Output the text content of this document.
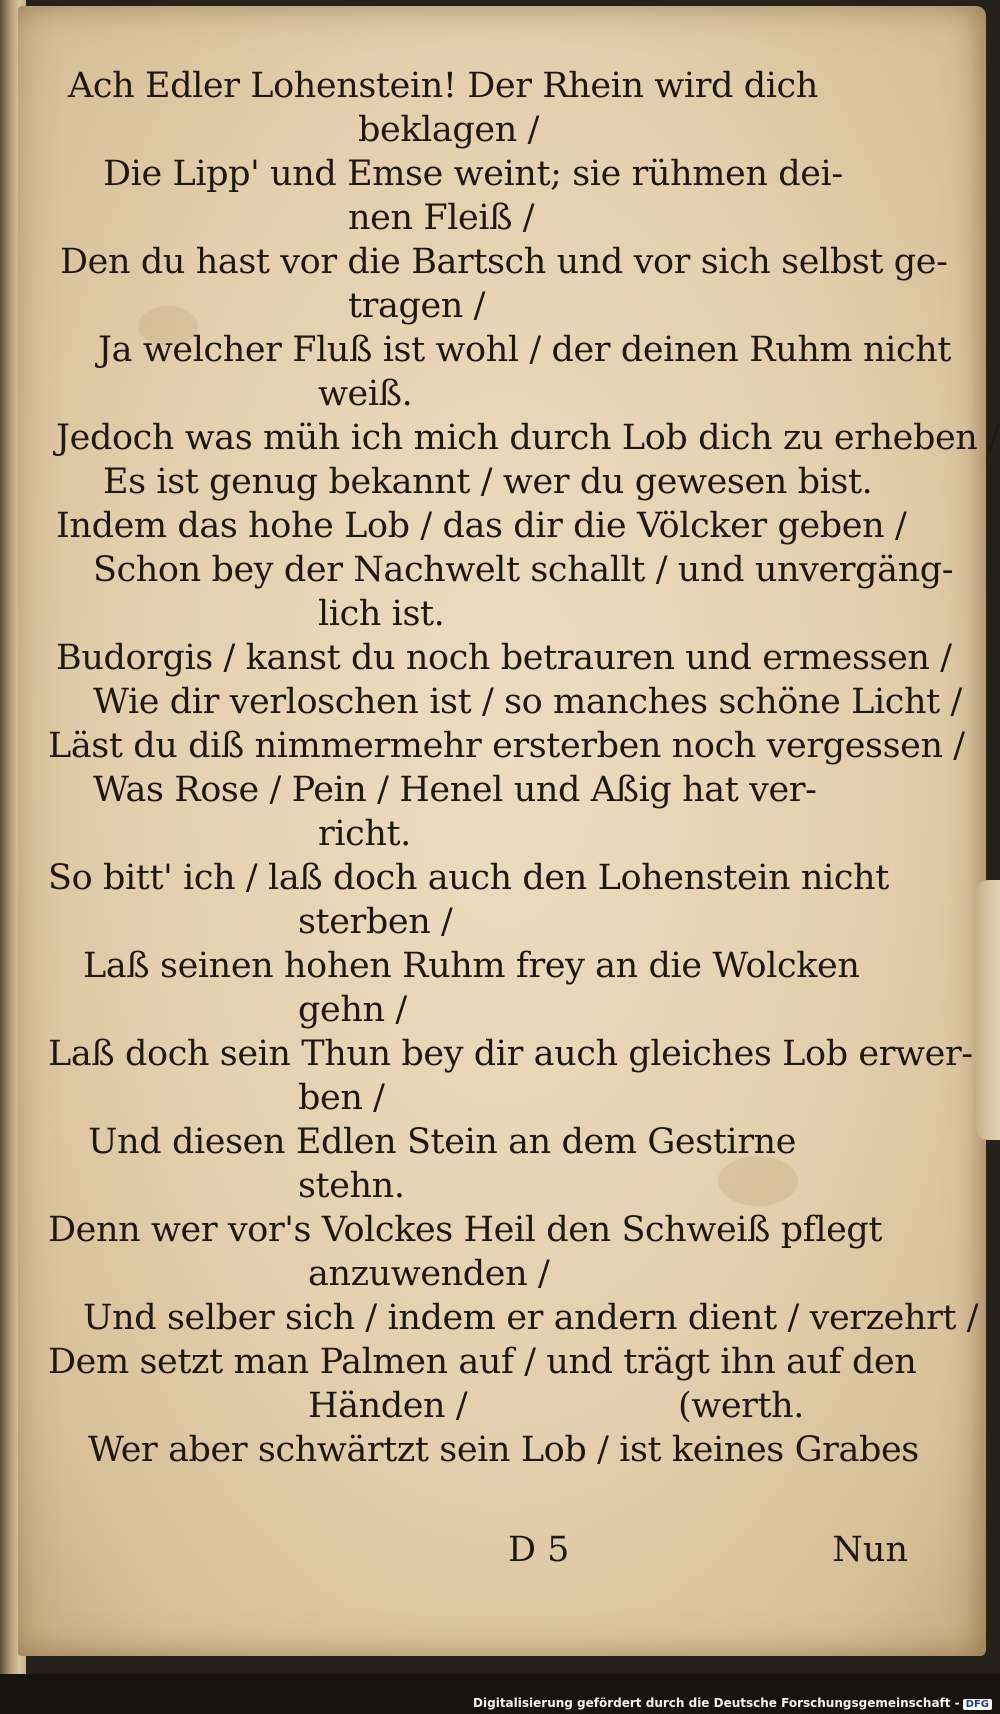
Ach Edler Lohenstein! Der Rhein wird dich
beklagen /
Die Lipp' und Emse weint; sie rühmen dei-
nen Fleiß /
Den du hast vor die Bartsch und vor sich selbst ge-
tragen /
Ja welcher Fluß ist wohl / der deinen Ruhm nicht
weiß.
Jedoch was müh ich mich durch Lob dich zu erheben /
Es ist genug bekannt / wer du gewesen bist.
Indem das hohe Lob / das dir die Völcker geben /
Schon bey der Nachwelt schallt / und unvergäng-
lich ist.
Budorgis / kanst du noch betrauren und ermessen /
Wie dir verloschen ist / so manches schöne Licht /
Läst du diß nimmermehr ersterben noch vergessen /
Was Rose / Pein / Henel und Aßig hat ver-
richt.
So bitt' ich / laß doch auch den Lohenstein nicht
sterben /
Laß seinen hohen Ruhm frey an die Wolcken
gehn /
Laß doch sein Thun bey dir auch gleiches Lob erwer-
ben /
Und diesen Edlen Stein an dem Gestirne
stehn.
Denn wer vor's Volckes Heil den Schweiß pflegt
anzuwenden /
Und selber sich / indem er andern dient / verzehrt /
Dem setzt man Palmen auf / und trägt ihn auf den
Händen /	(werth.
Wer aber schwärtzt sein Lob / ist keines Grabes
D 5	Nun
Digitalisierung gefördert durch die Deutsche Forschungsgemeinschaft - DFG
